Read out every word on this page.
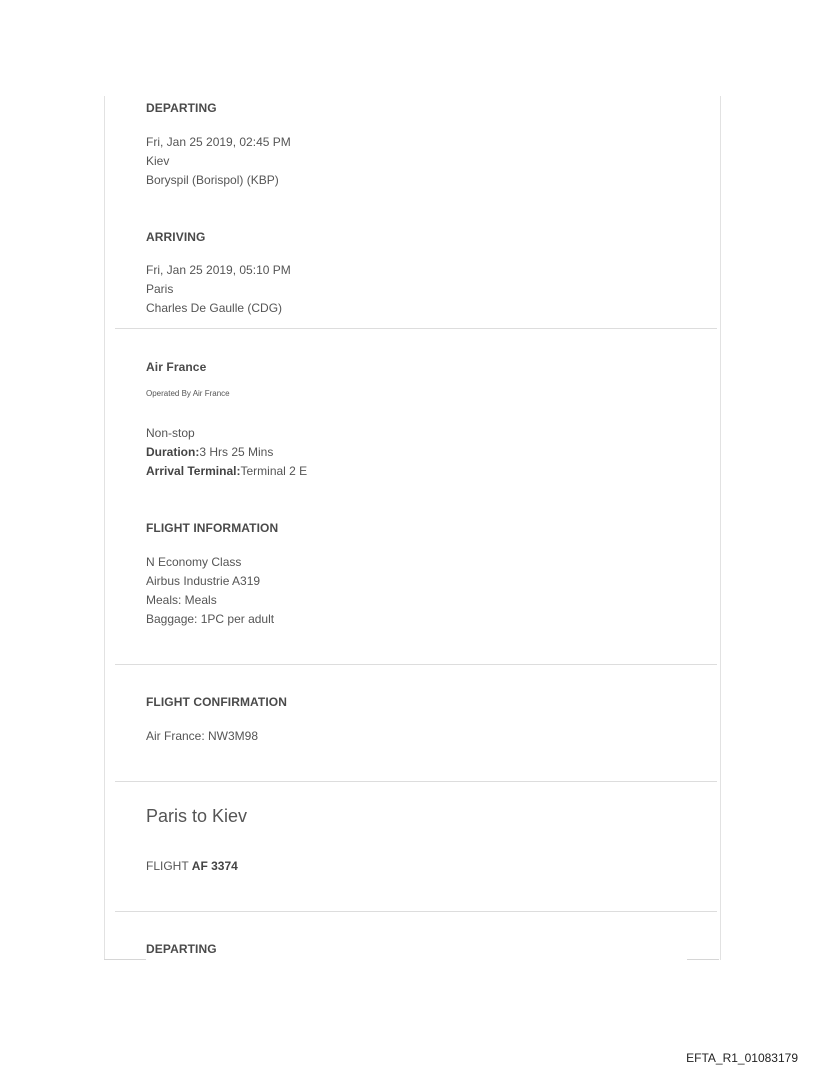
DEPARTING
Fri, Jan 25 2019, 02:45 PM
Kiev
Boryspil (Borispol) (KBP)
ARRIVING
Fri, Jan 25 2019, 05:10 PM
Paris
Charles De Gaulle (CDG)
Air France
Operated By Air France
Non-stop
Duration:3 Hrs 25 Mins
Arrival Terminal:Terminal 2 E
FLIGHT INFORMATION
N Economy Class
Airbus Industrie A319
Meals: Meals
Baggage: 1PC per adult
FLIGHT CONFIRMATION
Air France: NW3M98
Paris to Kiev
FLIGHT AF 3374
DEPARTING
EFTA_R1_01083179
